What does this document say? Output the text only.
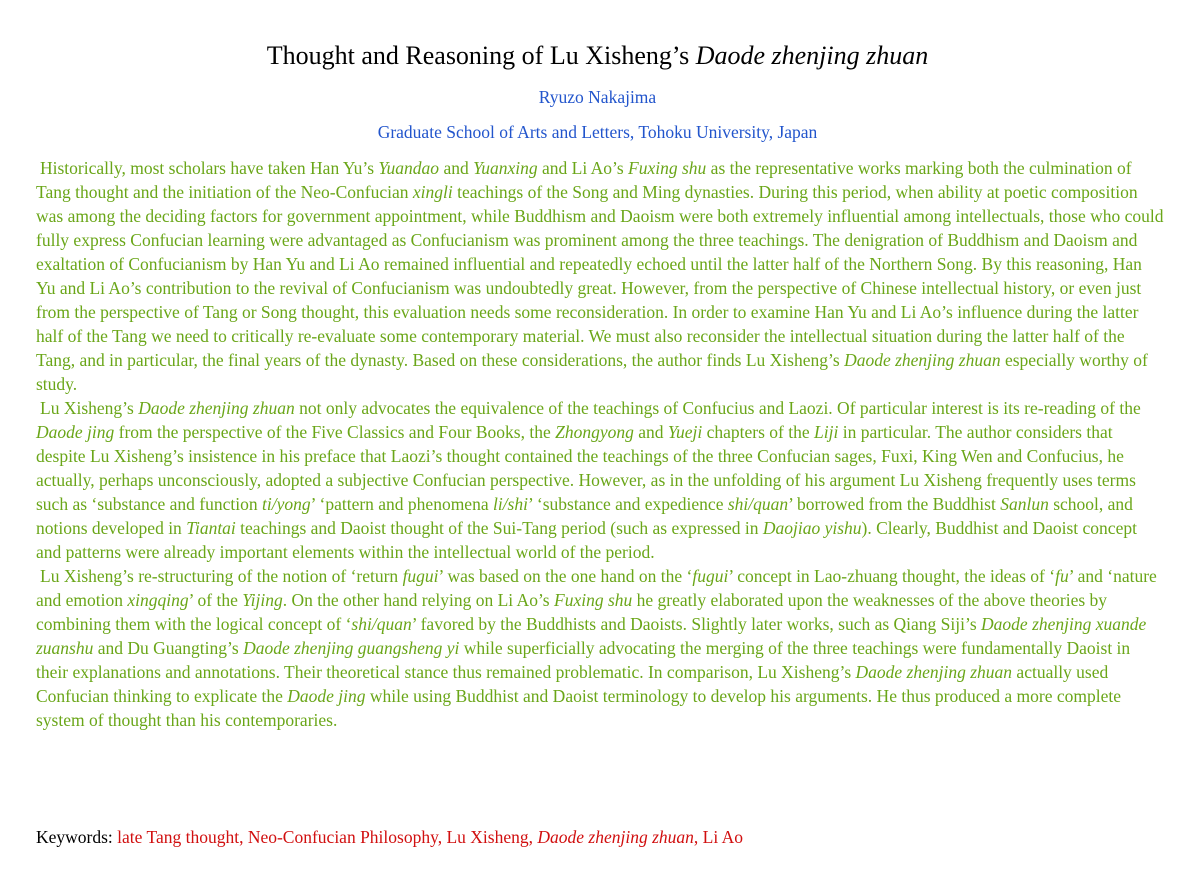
Thought and Reasoning of Lu Xisheng’s Daode zhenjing zhuan
Ryuzo Nakajima
Graduate School of Arts and Letters, Tohoku University, Japan

Historically, most scholars have taken Han Yu’s Yuandao and Yuanxing and Li Ao’s Fuxing shu as the representative works marking both the culmination of Tang thought and the initiation of the Neo-Confucian xingli teachings of the Song and Ming dynasties. During this period, when ability at poetic composition was among the deciding factors for government appointment, while Buddhism and Daoism were both extremely influential among intellectuals, those who could fully express Confucian learning were advantaged as Confucianism was prominent among the three teachings. The denigration of Buddhism and Daoism and exaltation of Confucianism by Han Yu and Li Ao remained influential and repeatedly echoed until the latter half of the Northern Song. By this reasoning, Han Yu and Li Ao’s contribution to the revival of Confucianism was undoubtedly great. However, from the perspective of Chinese intellectual history, or even just from the perspective of Tang or Song thought, this evaluation needs some reconsideration. In order to examine Han Yu and Li Ao’s influence during the latter half of the Tang we need to critically re-evaluate some contemporary material. We must also reconsider the intellectual situation during the latter half of the Tang, and in particular, the final years of the dynasty. Based on these considerations, the author finds Lu Xisheng’s Daode zhenjing zhuan especially worthy of study.

Lu Xisheng’s Daode zhenjing zhuan not only advocates the equivalence of the teachings of Confucius and Laozi. Of particular interest is its re-reading of the Daode jing from the perspective of the Five Classics and Four Books, the Zhongyong and Yueji chapters of the Liji in particular. The author considers that despite Lu Xisheng’s insistence in his preface that Laozi’s thought contained the teachings of the three Confucian sages, Fuxi, King Wen and Confucius, he actually, perhaps unconsciously, adopted a subjective Confucian perspective. However, as in the unfolding of his argument Lu Xisheng frequently uses terms such as ‘substance and function ti/yong’ ‘pattern and phenomena li/shi’ ‘substance and expedience shi/quan’ borrowed from the Buddhist Sanlun school, and notions developed in Tiantai teachings and Daoist thought of the Sui-Tang period (such as expressed in Daojiao yishu). Clearly, Buddhist and Daoist concept and patterns were already important elements within the intellectual world of the period.

Lu Xisheng’s re-structuring of the notion of ‘return fugui’ was based on the one hand on the ‘fugui’ concept in Lao-zhuang thought, the ideas of ‘fu’ and ‘nature and emotion xingqing’ of the Yijing. On the other hand relying on Li Ao’s Fuxing shu he greatly elaborated upon the weaknesses of the above theories by combining them with the logical concept of ‘shi/quan’ favored by the Buddhists and Daoists. Slightly later works, such as Qiang Siji’s Daode zhenjing xuande zuanshu and Du Guangting’s Daode zhenjing guangsheng yi while superficially advocating the merging of the three teachings were fundamentally Daoist in their explanations and annotations. Their theoretical stance thus remained problematic. In comparison, Lu Xisheng’s Daode zhenjing zhuan actually used Confucian thinking to explicate the Daode jing while using Buddhist and Daoist terminology to develop his arguments. He thus produced a more complete system of thought than his contemporaries.

Keywords: late Tang thought, Neo-Confucian Philosophy, Lu Xisheng, Daode zhenjing zhuan, Li Ao
